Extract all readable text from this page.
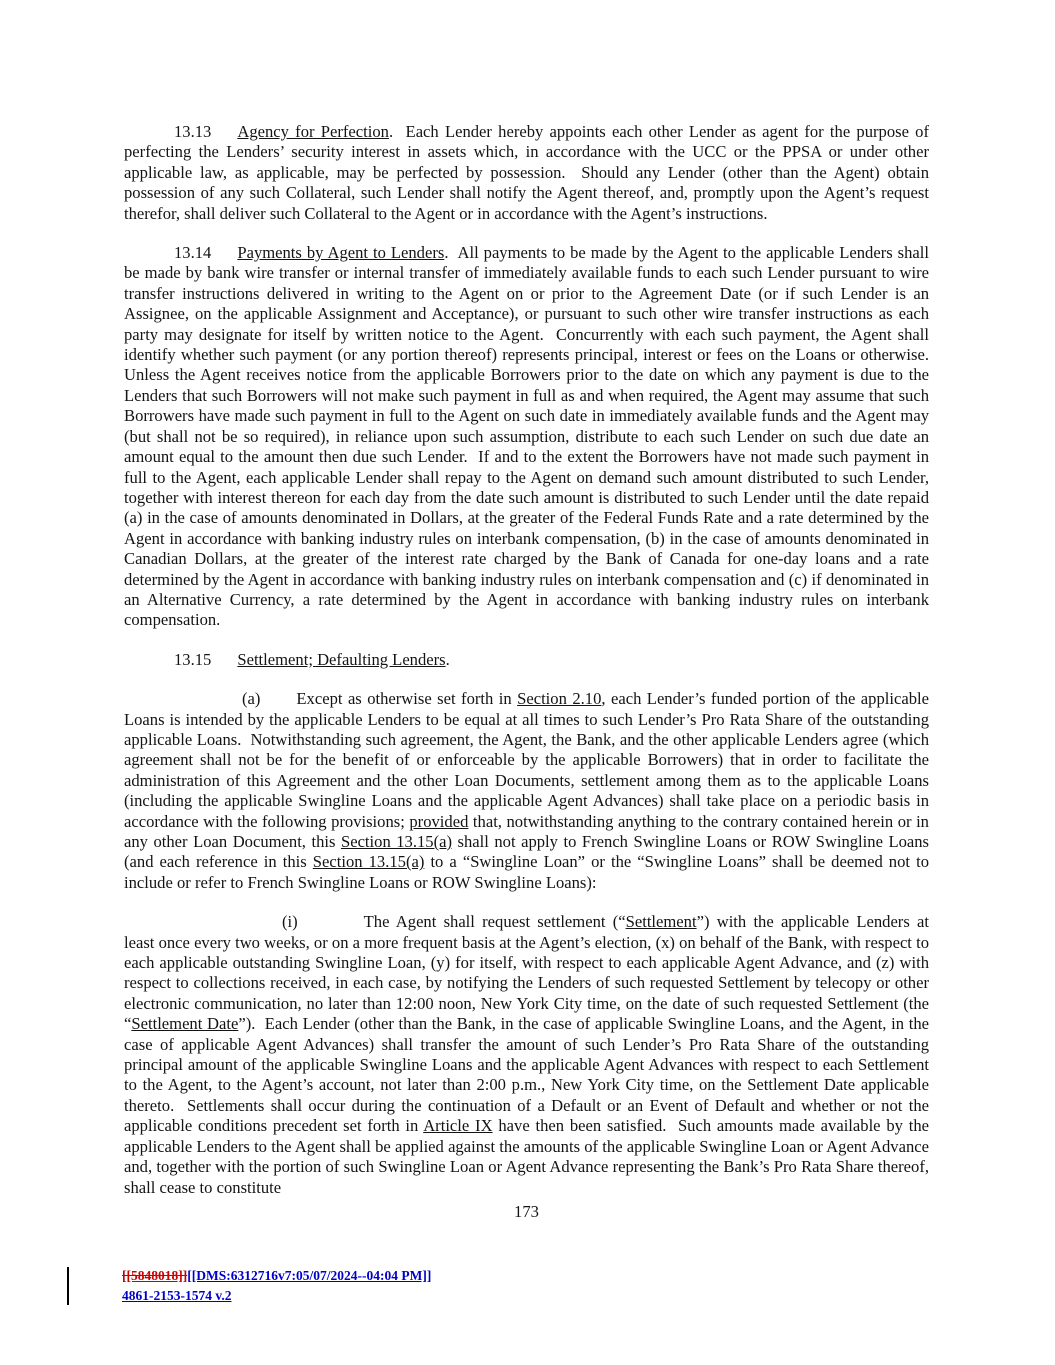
13.13 Agency for Perfection.  Each Lender hereby appoints each other Lender as agent for the purpose of perfecting the Lenders’ security interest in assets which, in accordance with the UCC or the PPSA or under other applicable law, as applicable, may be perfected by possession.  Should any Lender (other than the Agent) obtain possession of any such Collateral, such Lender shall notify the Agent thereof, and, promptly upon the Agent’s request therefor, shall deliver such Collateral to the Agent or in accordance with the Agent’s instructions.
13.14 Payments by Agent to Lenders.  All payments to be made by the Agent to the applicable Lenders shall be made by bank wire transfer or internal transfer of immediately available funds to each such Lender pursuant to wire transfer instructions delivered in writing to the Agent on or prior to the Agreement Date (or if such Lender is an Assignee, on the applicable Assignment and Acceptance), or pursuant to such other wire transfer instructions as each party may designate for itself by written notice to the Agent.  Concurrently with each such payment, the Agent shall identify whether such payment (or any portion thereof) represents principal, interest or fees on the Loans or otherwise.  Unless the Agent receives notice from the applicable Borrowers prior to the date on which any payment is due to the Lenders that such Borrowers will not make such payment in full as and when required, the Agent may assume that such Borrowers have made such payment in full to the Agent on such date in immediately available funds and the Agent may (but shall not be so required), in reliance upon such assumption, distribute to each such Lender on such due date an amount equal to the amount then due such Lender.  If and to the extent the Borrowers have not made such payment in full to the Agent, each applicable Lender shall repay to the Agent on demand such amount distributed to such Lender, together with interest thereon for each day from the date such amount is distributed to such Lender until the date repaid (a) in the case of amounts denominated in Dollars, at the greater of the Federal Funds Rate and a rate determined by the Agent in accordance with banking industry rules on interbank compensation, (b) in the case of amounts denominated in Canadian Dollars, at the greater of the interest rate charged by the Bank of Canada for one-day loans and a rate determined by the Agent in accordance with banking industry rules on interbank compensation and (c) if denominated in an Alternative Currency, a rate determined by the Agent in accordance with banking industry rules on interbank compensation.
13.15 Settlement; Defaulting Lenders.
(a) Except as otherwise set forth in Section 2.10, each Lender’s funded portion of the applicable Loans is intended by the applicable Lenders to be equal at all times to such Lender’s Pro Rata Share of the outstanding applicable Loans.  Notwithstanding such agreement, the Agent, the Bank, and the other applicable Lenders agree (which agreement shall not be for the benefit of or enforceable by the applicable Borrowers) that in order to facilitate the administration of this Agreement and the other Loan Documents, settlement among them as to the applicable Loans (including the applicable Swingline Loans and the applicable Agent Advances) shall take place on a periodic basis in accordance with the following provisions; provided that, notwithstanding anything to the contrary contained herein or in any other Loan Document, this Section 13.15(a) shall not apply to French Swingline Loans or ROW Swingline Loans (and each reference in this Section 13.15(a) to a “Swingline Loan” or the “Swingline Loans” shall be deemed not to include or refer to French Swingline Loans or ROW Swingline Loans):
(i)	The Agent shall request settlement (“Settlement”) with the applicable Lenders at least once every two weeks, or on a more frequent basis at the Agent’s election, (x) on behalf of the Bank, with respect to each applicable outstanding Swingline Loan, (y) for itself, with respect to each applicable Agent Advance, and (z) with respect to collections received, in each case, by notifying the Lenders of such requested Settlement by telecopy or other electronic communication, no later than 12:00 noon, New York City time, on the date of such requested Settlement (the “Settlement Date”).  Each Lender (other than the Bank, in the case of applicable Swingline Loans, and the Agent, in the case of applicable Agent Advances) shall transfer the amount of such Lender’s Pro Rata Share of the outstanding principal amount of the applicable Swingline Loans and the applicable Agent Advances with respect to each Settlement to the Agent, to the Agent’s account, not later than 2:00 p.m., New York City time, on the Settlement Date applicable thereto.  Settlements shall occur during the continuation of a Default or an Event of Default and whether or not the applicable conditions precedent set forth in Article IX have then been satisfied.  Such amounts made available by the applicable Lenders to the Agent shall be applied against the amounts of the applicable Swingline Loan or Agent Advance and, together with the portion of such Swingline Loan or Agent Advance representing the Bank’s Pro Rata Share thereof, shall cease to constitute
173
[[5848018]][[DMS:6312716v7:05/07/2024--04:04 PM]]
4861-2153-1574 v.2
